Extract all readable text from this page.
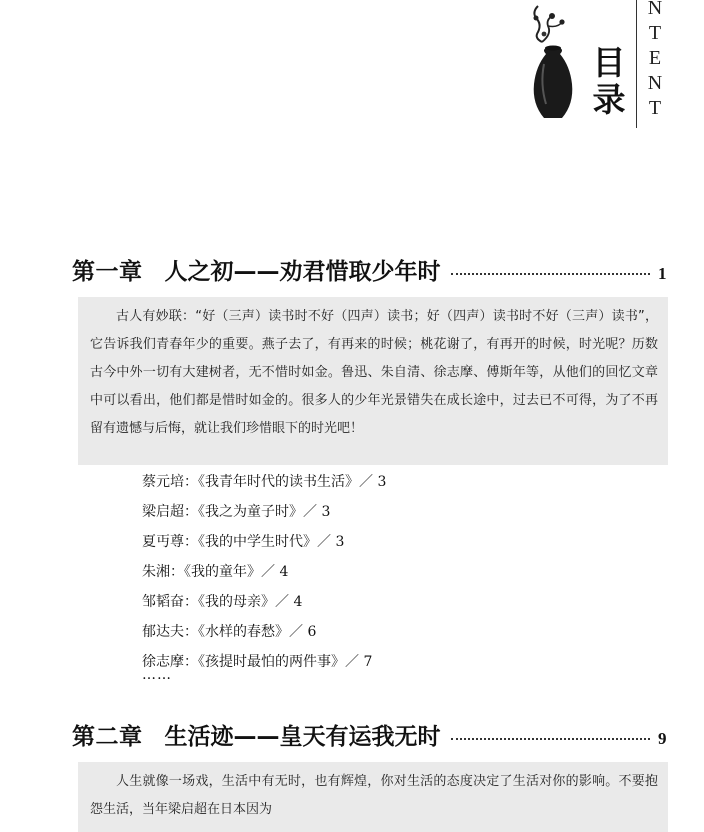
目
录
N
T
E
N
T
第一章 人之初——劝君惜取少年时	1
古人有妙联：“好（三声）读书时不好（四声）读书；好（四声）读书时不好（三声）读书”，它告诉我们青春年少的重要。燕子去了，有再来的时候；桃花谢了，有再开的时候，时光呢？历数古今中外一切有大建树者，无不惜时如金。鲁迅、朱自清、徐志摩、傅斯年等，从他们的回忆文章中可以看出，他们都是惜时如金的。很多人的少年光景错失在成长途中，过去已不可得，为了不再留有遗憾与后悔，就让我们珍惜眼下的时光吧！
蔡元培：《我青年时代的读书生活》／ 3
梁启超：《我之为童子时》／ 3
夏丏尊：《我的中学生时代》／ 3
朱湘：《我的童年》／ 4
邹韬奋：《我的母亲》／ 4
郁达夫：《水样的春愁》／ 6
徐志摩：《孩提时最怕的两件事》／ 7
……
第二章 生活迹——皇天有运我无时	9
人生就像一场戏，生活中有无时，也有辉煌，你对生活的态度决定了生活对你的影响。不要抱怨生活，当年梁启超在日本因为
